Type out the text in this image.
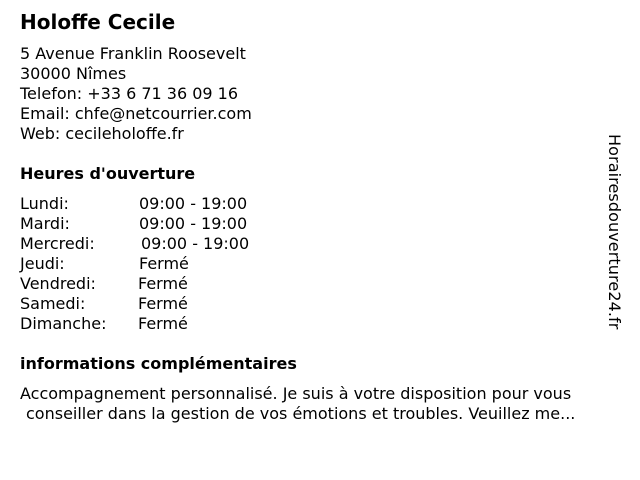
Holoffe Cecile
5 Avenue Franklin Roosevelt
30000 Nîmes
Telefon: +33 6 71 36 09 16
Email: chfe@netcourrier.com
Web: cecileholoffe.fr
Heures d'ouverture
Lundi:	09:00 - 19:00
Mardi:	09:00 - 19:00
Mercredi:	09:00 - 19:00
Jeudi:	Fermé
Vendredi:	Fermé
Samedi:	Fermé
Dimanche: Fermé
informations complémentaires
Accompagnement personnalisé. Je suis à votre disposition pour vous
conseiller dans la gestion de vos émotions et troubles. Veuillez me...
Horairesdouverture24.fr
